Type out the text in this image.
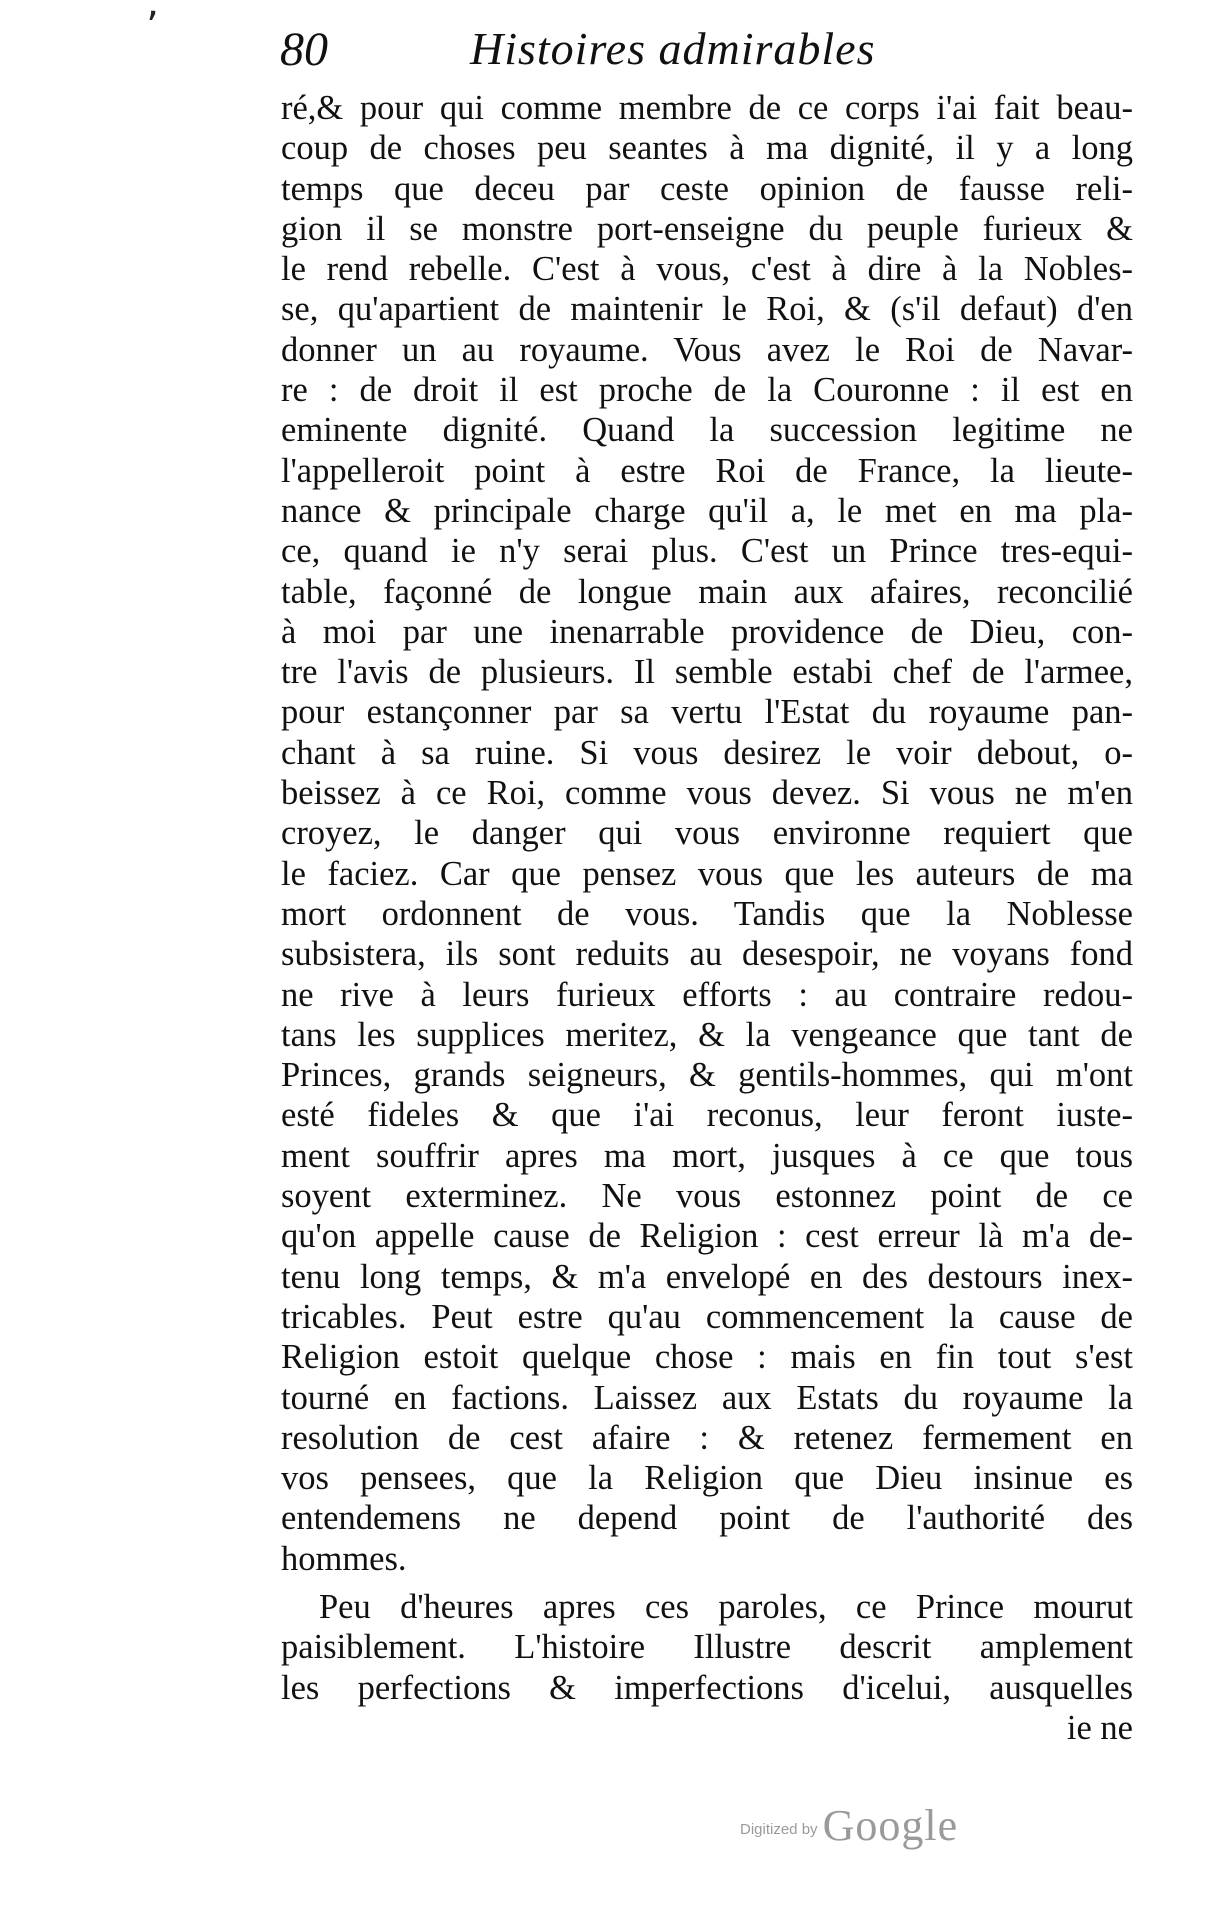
80	Histoires admirables
ʼ
ré,& pour qui comme membre de ce corps i'ai fait beau-
coup de choses peu seantes à ma dignité, il y a long
temps que deceu par ceste opinion de fausse reli-
gion il se monstre port-enseigne du peuple furieux &
le rend rebelle. C'est à vous, c'est à dire à la Nobles-
se, qu'apartient de maintenir le Roi, & (s'il defaut) d'en
donner un au royaume. Vous avez le Roi de Navar-
re : de droit il est proche de la Couronne : il est en
eminente dignité. Quand la succession legitime ne
l'appelleroit point à estre Roi de France, la lieute-
nance & principale charge qu'il a, le met en ma pla-
ce, quand ie n'y serai plus. C'est un Prince tres-equi-
table, façonné de longue main aux afaires, reconcilié
à moi par une inenarrable providence de Dieu, con-
tre l'avis de plusieurs. Il semble estabi chef de l'armee,
pour estançonner par sa vertu l'Estat du royaume pan-
chant à sa ruine. Si vous desirez le voir debout, o-
beissez à ce Roi, comme vous devez. Si vous ne m'en
croyez, le danger qui vous environne requiert que
le faciez. Car que pensez vous que les auteurs de ma
mort ordonnent de vous. Tandis que la Noblesse
subsistera, ils sont reduits au desespoir, ne voyans fond
ne rive à leurs furieux efforts : au contraire redou-
tans les supplices meritez, & la vengeance que tant de
Princes, grands seigneurs, & gentils-hommes, qui m'ont
esté fideles & que i'ai reconus, leur feront iuste-
ment souffrir apres ma mort, jusques à ce que tous
soyent exterminez. Ne vous estonnez point de ce
qu'on appelle cause de Religion : cest erreur là m'a de-
tenu long temps, & m'a envelopé en des destours inex-
tricables. Peut estre qu'au commencement la cause de
Religion estoit quelque chose : mais en fin tout s'est
tourné en factions. Laissez aux Estats du royaume la
resolution de cest afaire : & retenez fermement en
vos pensees, que la Religion que Dieu insinue es
entendemens ne depend point de l'authorité des
hommes.
Peu d'heures apres ces paroles, ce Prince mourut
paisiblement. L'histoire Illustre descrit amplement
les perfections & imperfections d'icelui, ausquelles
ie ne
Digitized by Google
